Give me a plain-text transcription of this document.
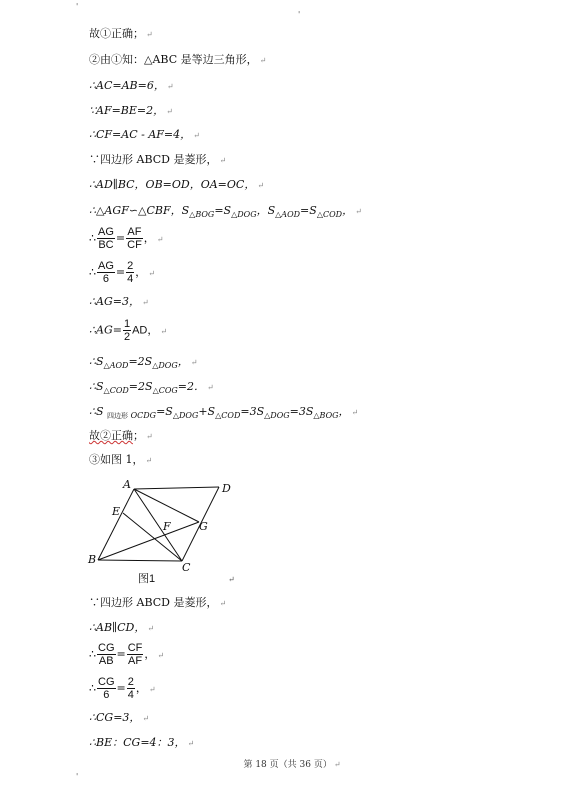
'
'
'
故①正确； ↵
②由①知：△ABC 是等边三角形， ↵
∴AC=AB=6， ↵
∵AF=BE=2， ↵
∴CF=AC - AF=4， ↵
∵四边形 ABCD 是菱形， ↵
∴AD∥BC，OB=OD，OA=OC， ↵
∴△AGF∽△CBF，$S_{\triangle BOG}=S_{\triangle DOG}$，$S_{\triangle AOD}=S_{\triangle COD}$， ↵
∴ $\frac{AG}{BC} = \frac{AF}{CF}$ ， ↵
∴ $\frac{AG}{6} = \frac{2}{4}$ ， ↵
∴AG=3， ↵
∴AG= $\frac{1}{2}$ AD， ↵
$\therefore S_{\triangle AOD}=2S_{\triangle DOG}$， ↵
$\therefore S_{\triangle COD}=2S_{\triangle COG}=2$． ↵
∴S $_{四边形}$ $_{OCDG}=S_{\triangle DOG}+S_{\triangle COD}=3S_{\triangle DOG}=3S_{\triangle BOG}$， ↵
故②正确； ↵
③如图 1， ↵
A	D
E
F	G
B
C
图1	↵
∵四边形 ABCD 是菱形， ↵
∴AB∥CD， ↵
∴ $\frac{CG}{AB} = \frac{CF}{AF}$ ， ↵
∴ $\frac{CG}{6} = \frac{2}{4}$ ， ↵
∴CG=3， ↵
∴BE：CG=4：3， ↵
第 18 页（共 36 页） ↵
